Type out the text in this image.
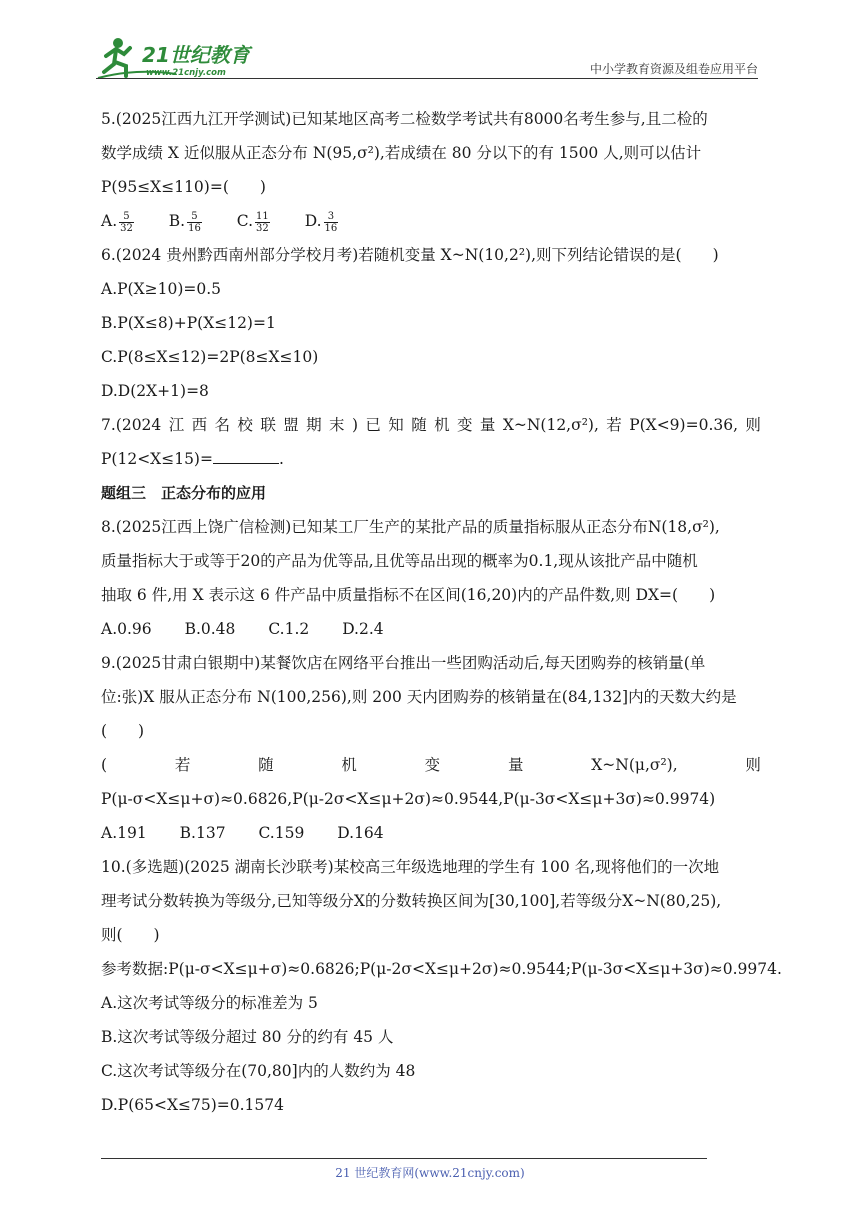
21世纪教育
www.21cnjy.com	中小学教育资源及组卷应用平台
5.(2025江西九江开学测试)已知某地区高考二检数学考试共有8000名考生参与,且二检的
数学成绩 X 近似服从正态分布 N(95,σ²),若成绩在 80 分以下的有 1500 人,则可以估计
P(95≤X≤110)=(　　)
A. $\frac{5}{32} B$. $\frac{5}{16} C$. $\frac{11}{32} D$. $\frac{3}{16}$
6.(2024 贵州黔西南州部分学校月考)若随机变量 X~N(10,2²),则下列结论错误的是(　　)
A.P(X≥10)=0.5
B.P(X≤8)+P(X≤12)=1
C.P(8≤X≤12)=2P(8≤X≤10)
D.D(2X+1)=8
7.(2024 江 西 名 校 联 盟 期 末 ) 已 知 随 机 变 量 X~N(12,σ²), 若 P(X<9)=0.36, 则
P(12<X≤15)=	.
题组三　正态分布的应用
8.(2025江西上饶广信检测)已知某工厂生产的某批产品的质量指标服从正态分布N(18,σ²),
质量指标大于或等于20的产品为优等品,且优等品出现的概率为0.1,现从该批产品中随机
抽取 6 件,用 X 表示这 6 件产品中质量指标不在区间(16,20)内的产品件数,则 DX=(　　)
A.0.96 B.0.48 C.1.2 D.2.4
9.(2025甘肃白银期中)某餐饮店在网络平台推出一些团购活动后,每天团购券的核销量(单
位:张)X 服从正态分布 N(100,256),则 200 天内团购券的核销量在(84,132]内的天数大约是
(　　)
(	若	随	机	变	量	X~N(μ,σ²),	则
P(μ-σ<X≤μ+σ)≈0.6826,P(μ-2σ<X≤μ+2σ)≈0.9544,P(μ-3σ<X≤μ+3σ)≈0.9974)
A.191 B.137 C.159 D.164
10.(多选题)(2025 湖南长沙联考)某校高三年级选地理的学生有 100 名,现将他们的一次地
理考试分数转换为等级分,已知等级分X的分数转换区间为[30,100],若等级分X~N(80,25),
则(　　)
参考数据:P(μ-σ<X≤μ+σ)≈0.6826;P(μ-2σ<X≤μ+2σ)≈0.9544;P(μ-3σ<X≤μ+3σ)≈0.9974.
A.这次考试等级分的标准差为 5
B.这次考试等级分超过 80 分的约有 45 人
C.这次考试等级分在(70,80]内的人数约为 48
D.P(65<X≤75)=0.1574
21 世纪教育网(www.21cnjy.com)
